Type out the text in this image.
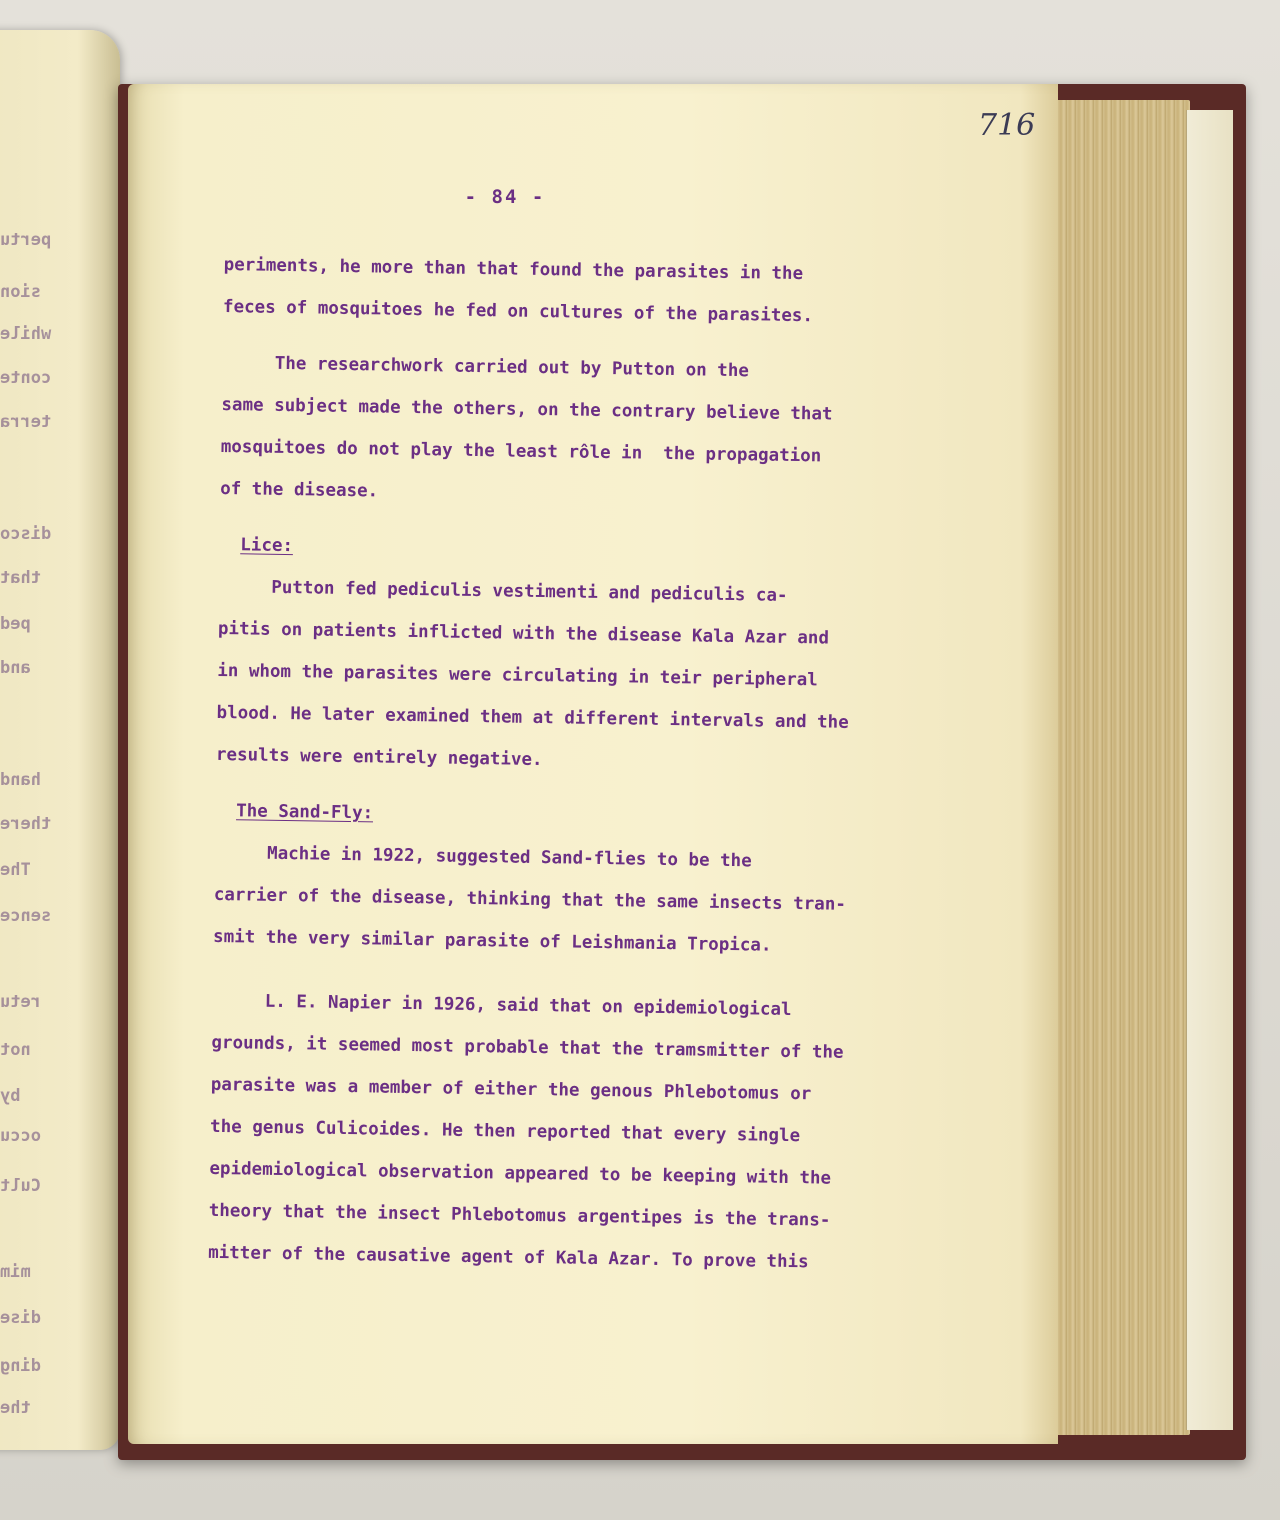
pertu
sion
while
conte
terra
disco
that
ped
and
hand
there
The
sence
retu
not
by
occu
Cult
mim
dise
ding
the
716
- 84 -
periments, he more than that found the parasites in the
feces of mosquitoes he fed on cultures of the parasites.
The researchwork carried out by Putton on the
same subject made the others, on the contrary believe that
mosquitoes do not play the least rôle in  the propagation
of the disease.
Lice:
Putton fed pediculis vestimenti and pediculis ca-
pitis on patients inflicted with the disease Kala Azar and
in whom the parasites were circulating in teir peripheral
blood. He later examined them at different intervals and the
results were entirely negative.
The Sand-Fly:
Machie in 1922, suggested Sand-flies to be the
carrier of the disease, thinking that the same insects tran-
smit the very similar parasite of Leishmania Tropica.
L. E. Napier in 1926, said that on epidemiological
grounds, it seemed most probable that the tramsmitter of the
parasite was a member of either the genous Phlebotomus or
the genus Culicoides. He then reported that every single
epidemiological observation appeared to be keeping with the
theory that the insect Phlebotomus argentipes is the trans-
mitter of the causative agent of Kala Azar. To prove this
